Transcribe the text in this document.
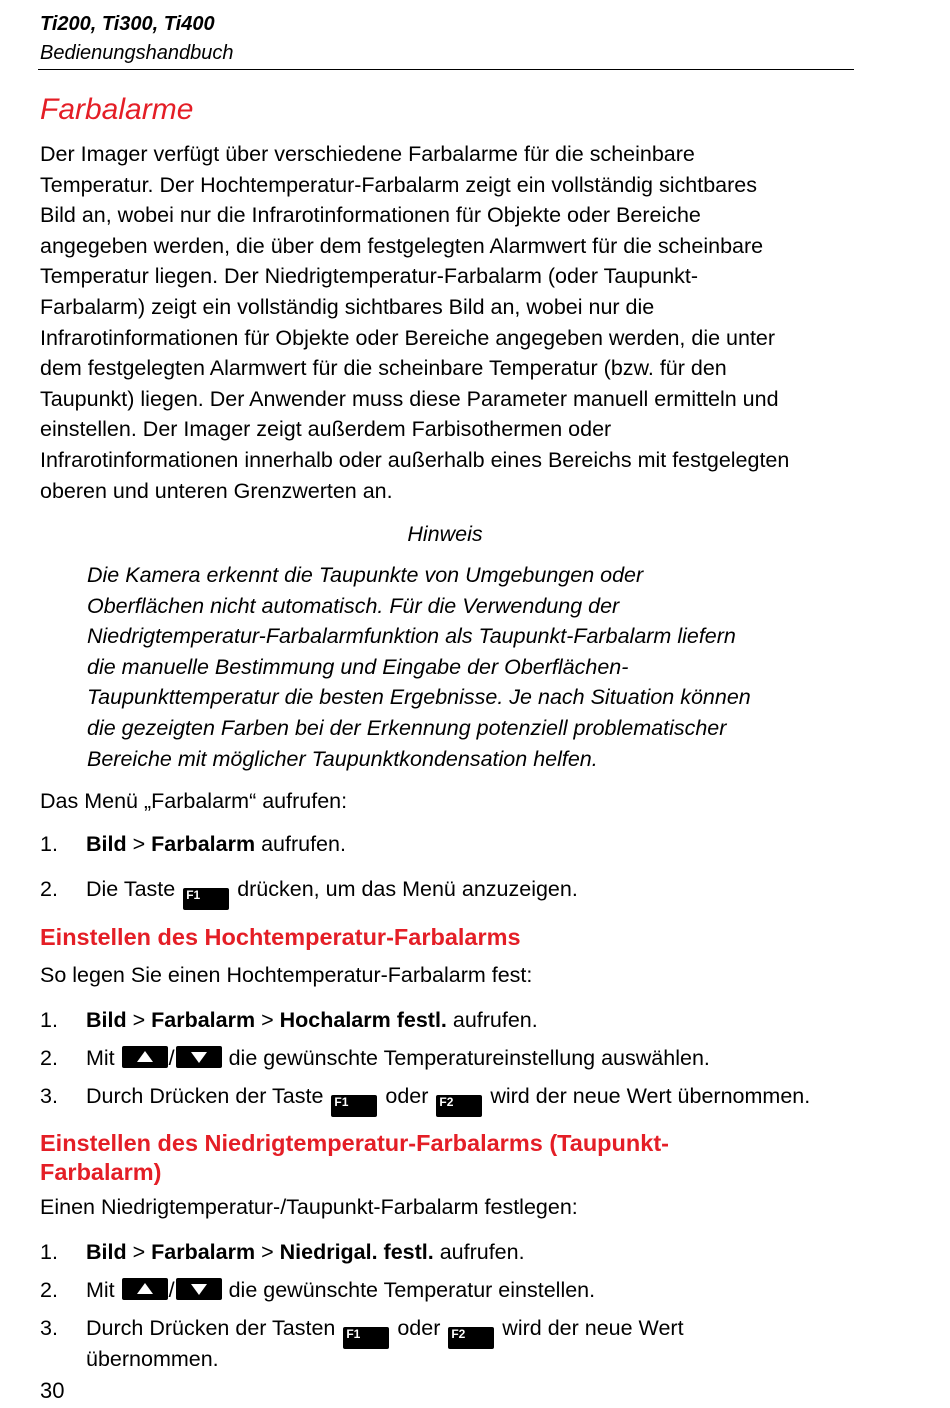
Ti200, Ti300, Ti400
Bedienungshandbuch
Farbalarme
Der Imager verfügt über verschiedene Farbalarme für die scheinbare
Temperatur. Der Hochtemperatur-Farbalarm zeigt ein vollständig sichtbares
Bild an, wobei nur die Infrarotinformationen für Objekte oder Bereiche
angegeben werden, die über dem festgelegten Alarmwert für die scheinbare
Temperatur liegen. Der Niedrigtemperatur-Farbalarm (oder Taupunkt-
Farbalarm) zeigt ein vollständig sichtbares Bild an, wobei nur die
Infrarotinformationen für Objekte oder Bereiche angegeben werden, die unter
dem festgelegten Alarmwert für die scheinbare Temperatur (bzw. für den
Taupunkt) liegen. Der Anwender muss diese Parameter manuell ermitteln und
einstellen. Der Imager zeigt außerdem Farbisothermen oder
Infrarotinformationen innerhalb oder außerhalb eines Bereichs mit festgelegten
oberen und unteren Grenzwerten an.
Hinweis
Die Kamera erkennt die Taupunkte von Umgebungen oder
Oberflächen nicht automatisch. Für die Verwendung der
Niedrigtemperatur-Farbalarmfunktion als Taupunkt-Farbalarm liefern
die manuelle Bestimmung und Eingabe der Oberflächen-
Taupunkttemperatur die besten Ergebnisse. Je nach Situation können
die gezeigten Farben bei der Erkennung potenziell problematischer
Bereiche mit möglicher Taupunktkondensation helfen.
Das Menü „Farbalarm“ aufrufen:
1. Bild > Farbalarm aufrufen.
2. Die Taste F1 drücken, um das Menü anzuzeigen.
Einstellen des Hochtemperatur-Farbalarms
So legen Sie einen Hochtemperatur-Farbalarm fest:
1. Bild > Farbalarm > Hochalarm festl. aufrufen.
2. Mit
/
die gewünschte Temperatureinstellung auswählen.
3. Durch Drücken der Taste F1 oder F2 wird der neue Wert übernommen.
Einstellen des Niedrigtemperatur-Farbalarms (Taupunkt-
Farbalarm)
Einen Niedrigtemperatur-/Taupunkt-Farbalarm festlegen:
1. Bild > Farbalarm > Niedrigal. festl. aufrufen.
2. Mit
/
die gewünschte Temperatur einstellen.
3. Durch Drücken der Tasten F1 oder F2 wird der neue Wert
übernommen.
30
